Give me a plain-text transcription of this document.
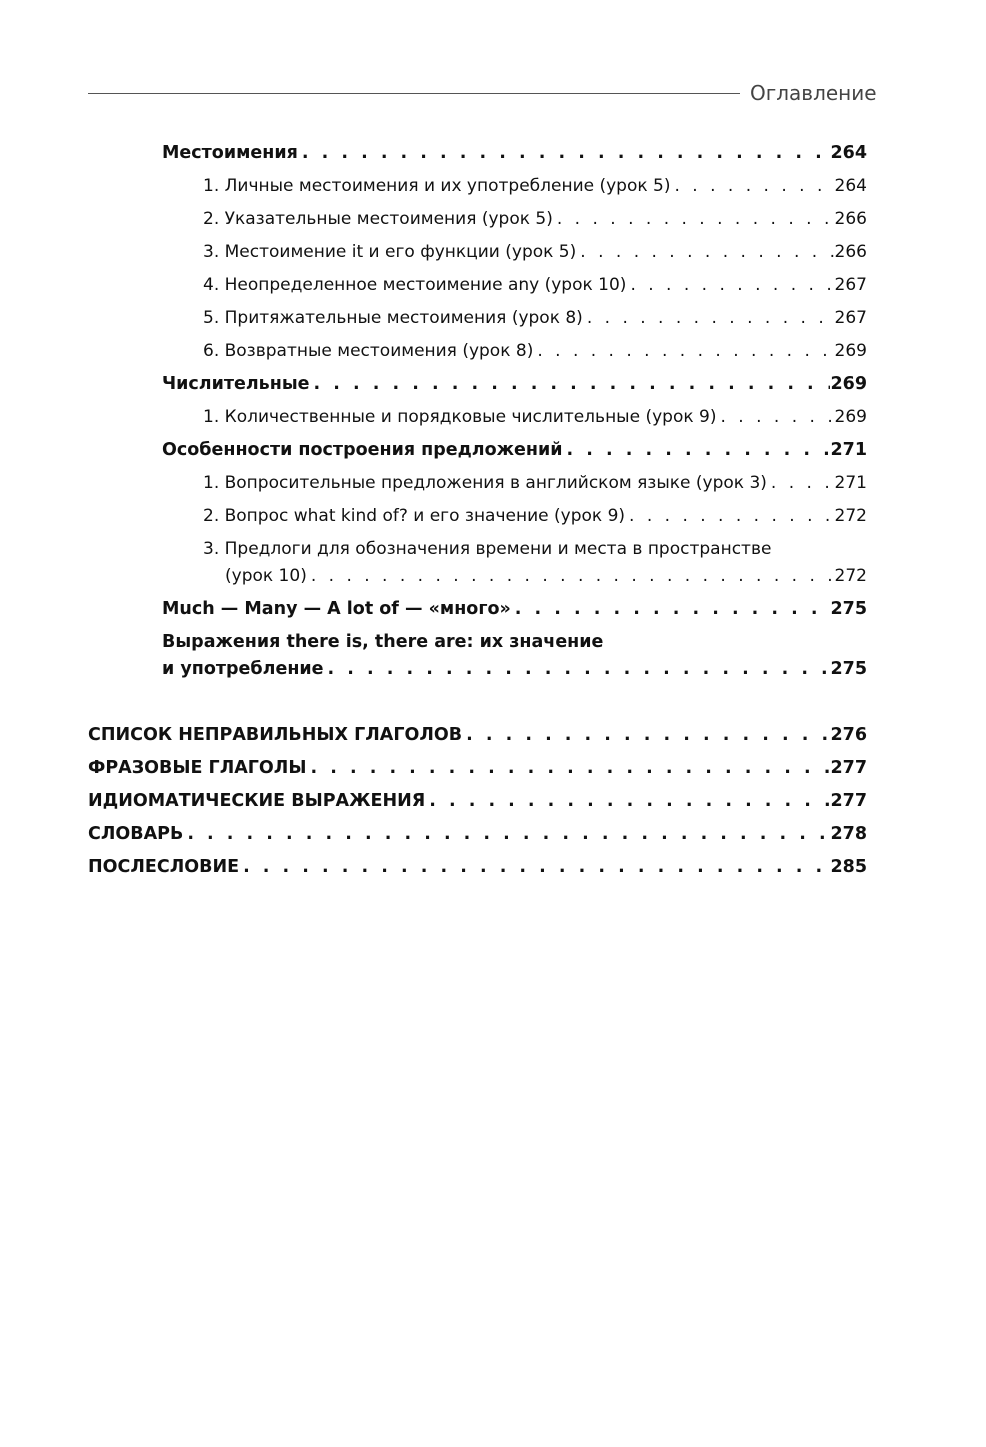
Оглавление
Местоимения . . .	264
1. Личные местоимения и их употребление (урок 5) . . .	264
2. Указательные местоимения (урок 5) . . .	266
3. Местоимение it и его функции (урок 5) . . .	266
4. Неопределенное местоимение any (урок 10) . . .	267
5. Притяжательные местоимения (урок 8) . . .	267
6. Возвратные местоимения (урок 8) . . .	269
Числительные . . .	269
1. Количественные и порядковые числительные (урок 9) . . .	269
Особенности построения предложений . . .	271
1. Вопросительные предложения в английском языке (урок 3) . . .	271
2. Вопрос what kind of? и его значение (урок 9) . . .	272
3. Предлоги для обозначения времени и места в пространстве
(урок 10) . . .	272
Much — Many — A lot of — «много» . . .	275
Выражения there is, there are: их значение
и употребление . . .	275
СПИСОК НЕПРАВИЛЬНЫХ ГЛАГОЛОВ . . .	276
ФРАЗОВЫЕ ГЛАГОЛЫ . . .	277
ИДИОМАТИЧЕСКИЕ ВЫРАЖЕНИЯ . . .	277
СЛОВАРЬ . . .	278
ПОСЛЕСЛОВИЕ . . .	285
